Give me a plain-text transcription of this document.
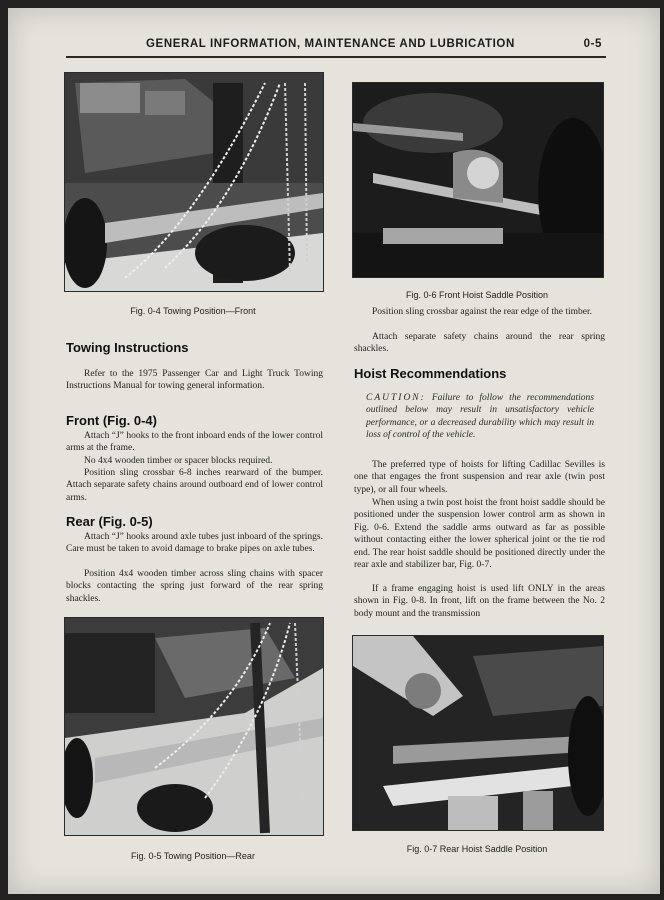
GENERAL INFORMATION, MAINTENANCE AND LUBRICATION	0-5
Fig. 0-4 Towing Position—Front
Towing Instructions

Refer to the 1975 Passenger Car and Light Truck Towing Instructions Manual for towing general information.

Front (Fig. 0-4)

Attach “J” hooks to the front inboard ends of the lower control arms at the frame.

No 4x4 wooden timber or spacer blocks required.

Position sling crossbar 6-8 inches rearward of the bumper. Attach separate safety chains around outboard end of lower control arms.

Rear (Fig. 0-5)

Attach “J” hooks around axle tubes just inboard of the springs. Care must be taken to avoid damage to brake pipes on axle tubes.

Position 4x4 wooden timber across sling chains with spacer blocks contacting the spring just forward of the rear spring shackles.

Fig. 0-5 Towing Position—Rear
Fig. 0-6 Front Hoist Saddle Position

Position sling crossbar against the rear edge of the timber.

Attach separate safety chains around the rear spring shackles.

Hoist Recommendations

CAUTION: Failure to follow the recommendations outlined below may result in unsatisfactory vehicle performance, or a decreased durability which may result in loss of control of the vehicle.

The preferred type of hoists for lifting Cadillac Sevilles is one that engages the front suspension and rear axle (twin post type), or all four wheels.

When using a twin post hoist the front hoist saddle should be positioned under the suspension lower control arm as shown in Fig. 0-6. Extend the saddle arms outward as far as possible without contacting either the lower spherical joint or the tie rod end. The rear hoist saddle should be positioned directly under the rear axle and stabilizer bar, Fig. 0-7.

If a frame engaging hoist is used lift ONLY in the areas shown in Fig. 0-8. In front, lift on the frame between the No. 2 body mount and the transmission

Fig. 0-7 Rear Hoist Saddle Position
